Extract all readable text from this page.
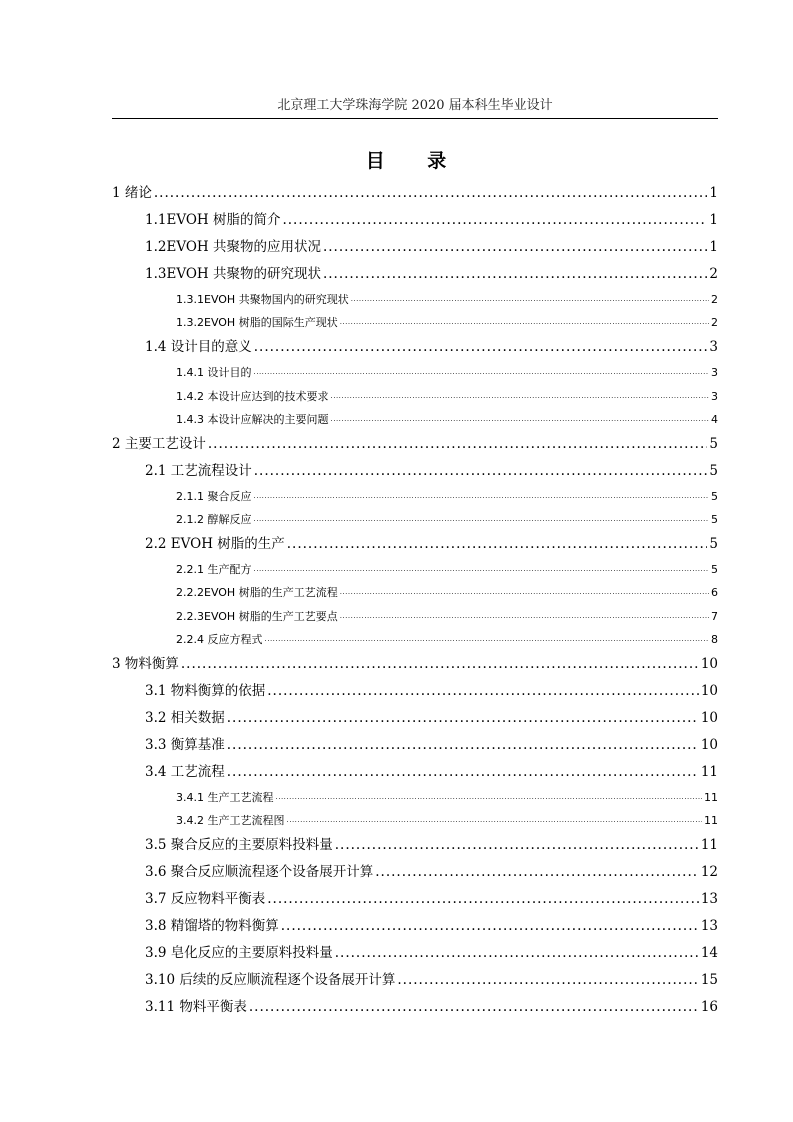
北京理工大学珠海学院 2020 届本科生毕业设计
目 录
1 绪论 .....	1
1.1EVOH 树脂的简介 .....	1
1.2EVOH 共聚物的应用状况 .....	1
1.3EVOH 共聚物的研究现状 .....	2
1.3.1EVOH 共聚物国内的研究现状 .....	2
1.3.2EVOH 树脂的国际生产现状 .....	2
1.4 设计目的意义 .....	3
1.4.1 设计目的 .....	3
1.4.2 本设计应达到的技术要求 .....	3
1.4.3 本设计应解决的主要问题 .....	4
2 主要工艺设计 .....	5
2.1 工艺流程设计 .....	5
2.1.1 聚合反应 .....	5
2.1.2 醇解反应 .....	5
2.2 EVOH 树脂的生产 .....	5
2.2.1 生产配方 .....	5
2.2.2EVOH 树脂的生产工艺流程 .....	6
2.2.3EVOH 树脂的生产工艺要点 .....	7
2.2.4 反应方程式 .....	8
3 物料衡算 .....	10
3.1 物料衡算的依据 .....	10
3.2 相关数据 .....	10
3.3 衡算基准 .....	10
3.4 工艺流程 .....	11
3.4.1 生产工艺流程 .....	11
3.4.2 生产工艺流程图 .....	11
3.5 聚合反应的主要原料投料量 .....	11
3.6 聚合反应顺流程逐个设备展开计算 .....	12
3.7 反应物料平衡表 .....	13
3.8 精馏塔的物料衡算 .....	13
3.9 皂化反应的主要原料投料量 .....	14
3.10 后续的反应顺流程逐个设备展开计算 .....	15
3.11 物料平衡表 .....	16
